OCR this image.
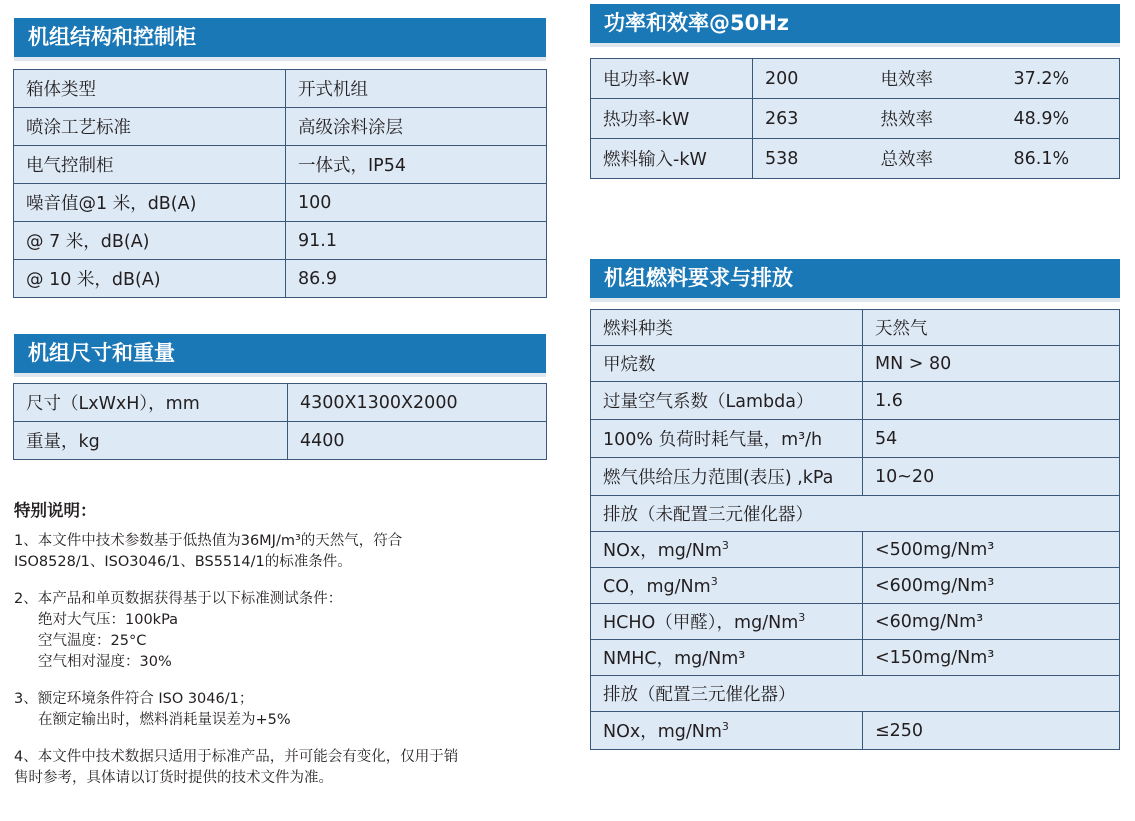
机组结构和控制柜
箱体类型	开式机组
喷涂工艺标准	高级涂料涂层
电气控制柜	一体式，IP54
噪音值@1 米，dB(A)	100
@ 7 米，dB(A)	91.1
@ 10 米，dB(A)	86.9
机组尺寸和重量
尺寸（LxWxH），mm	4300X1300X2000
重量，kg	4400
特别说明：

1、本文件中技术参数基于低热值为36MJ/m³的天然气，符合
ISO8528/1、ISO3046/1、BS5514/1的标准条件。

2、本产品和单页数据获得基于以下标准测试条件：
绝对大气压：100kPa
空气温度：25°C
空气相对湿度：30%

3、额定环境条件符合 ISO 3046/1；
在额定输出时，燃料消耗量误差为+5%

4、本文件中技术数据只适用于标准产品，并可能会有变化，仅用于销
售时参考，具体请以订货时提供的技术文件为准。

功率和效率@50Hz
电功率-kW	200	电效率	37.2%
热功率-kW	263	热效率	48.9%
燃料输入-kW	538	总效率	86.1%
机组燃料要求与排放
燃料种类	天然气
甲烷数	MN > 80
过量空气系数（Lambda）	1.6
100% 负荷时耗气量，m³/h	54
燃气供给压力范围(表压) ,kPa	10~20
排放（未配置三元催化器）	
NOx，$mg/Nm^3$	<500mg/Nm³
CO，$mg/Nm^3$	<600mg/Nm³
HCHO（甲醛），$mg/Nm^3$	<60mg/Nm³
NMHC，mg/Nm³	<150mg/Nm³
排放（配置三元催化器）	
NOx，$mg/Nm^3$	≤250
